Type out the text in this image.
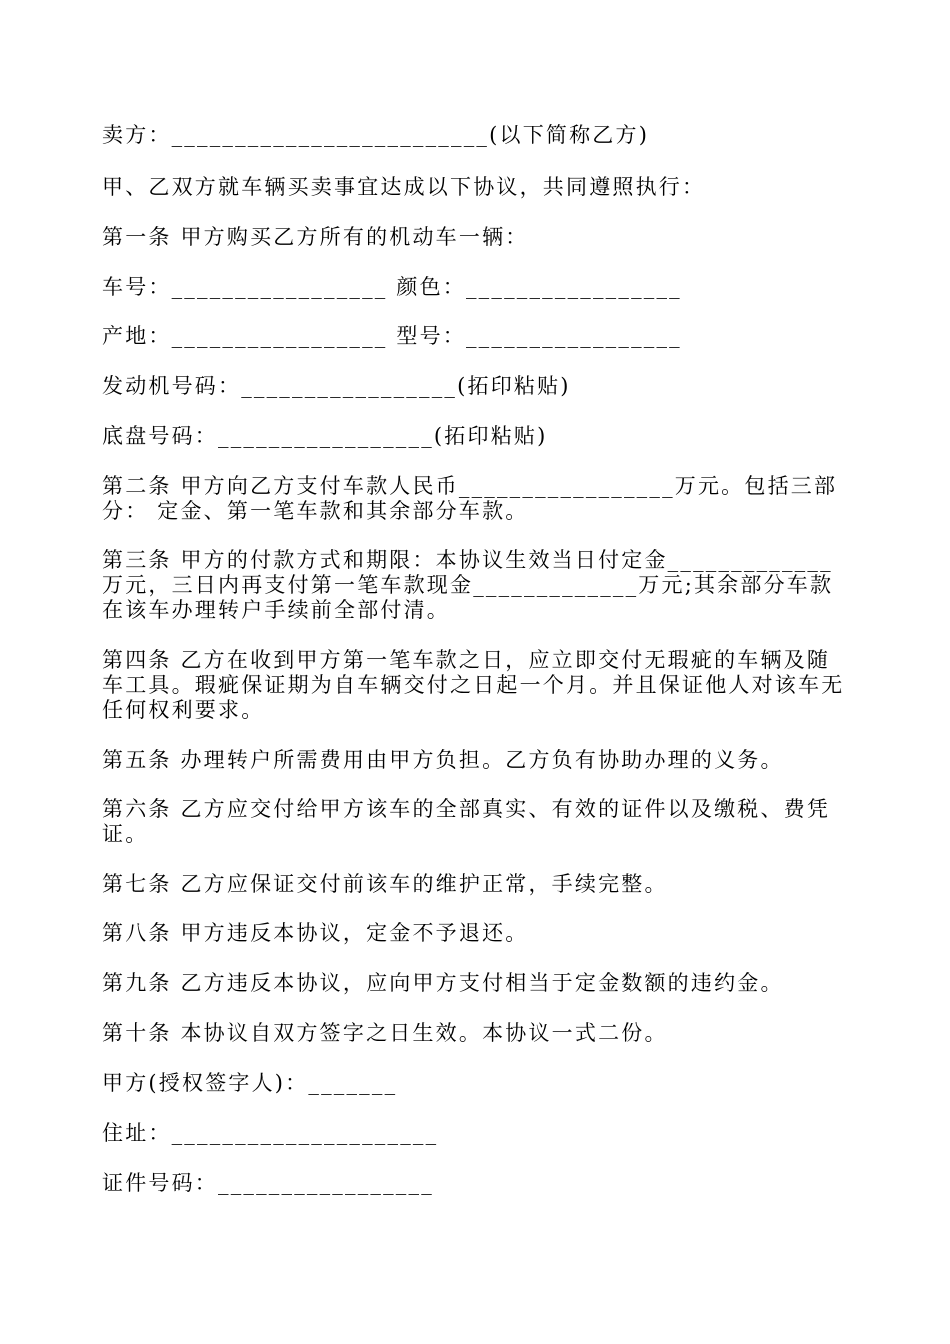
卖方：_________________________(以下简称乙方)
甲、乙双方就车辆买卖事宜达成以下协议，共同遵照执行：
第一条 甲方购买乙方所有的机动车一辆：
车号：_________________ 颜色：_________________
产地：_________________ 型号：_________________
发动机号码：_________________(拓印粘贴)
底盘号码：_________________(拓印粘贴)
第二条 甲方向乙方支付车款人民币_________________万元。包括三部分： 定金、第一笔车款和其余部分车款。
第三条 甲方的付款方式和期限：本协议生效当日付定金_____________万元，三日内再支付第一笔车款现金_____________万元;其余部分车款在该车办理转户手续前全部付清。
第四条 乙方在收到甲方第一笔车款之日，应立即交付无瑕疵的车辆及随车工具。瑕疵保证期为自车辆交付之日起一个月。并且保证他人对该车无任何权利要求。
第五条 办理转户所需费用由甲方负担。乙方负有协助办理的义务。
第六条 乙方应交付给甲方该车的全部真实、有效的证件以及缴税、费凭证。
第七条 乙方应保证交付前该车的维护正常，手续完整。
第八条 甲方违反本协议，定金不予退还。
第九条 乙方违反本协议，应向甲方支付相当于定金数额的违约金。
第十条 本协议自双方签字之日生效。本协议一式二份。
甲方(授权签字人)：_______
住址：_____________________
证件号码：_________________
